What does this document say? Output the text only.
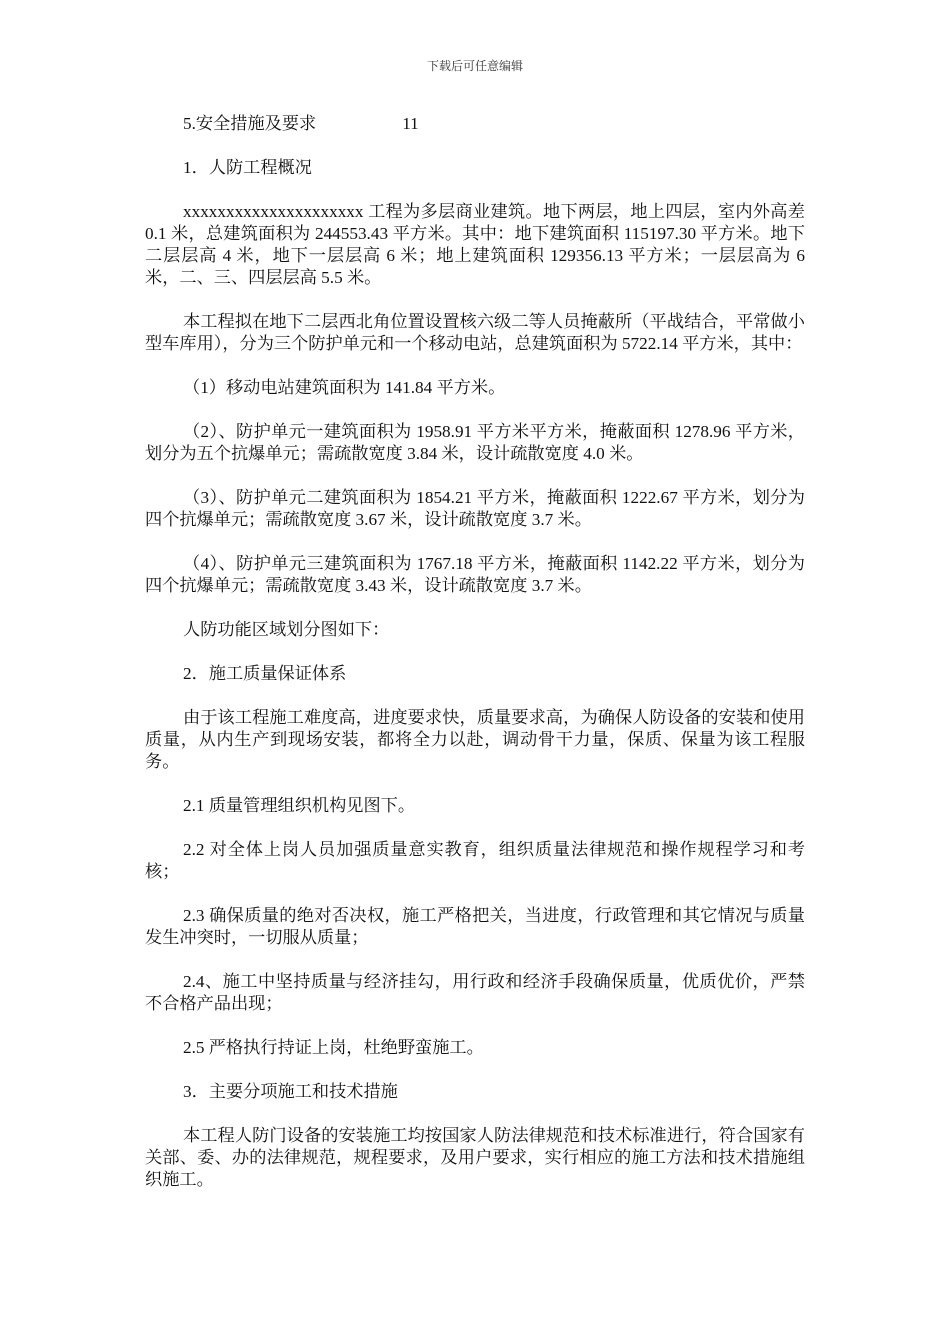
下载后可任意编辑

5.安全措施及要求	11

1．人防工程概况

xxxxxxxxxxxxxxxxxxxxx 工程为多层商业建筑。地下两层，地上四层，室内外高差 0.1 米，总建筑面积为 244553.43 平方米。其中：地下建筑面积 115197.30 平方米。地下二层层高 4 米，地下一层层高 6 米；地上建筑面积 129356.13 平方米；一层层高为 6 米，二、三、四层层高 5.5 米。

本工程拟在地下二层西北角位置设置核六级二等人员掩蔽所（平战结合，平常做小型车库用），分为三个防护单元和一个移动电站，总建筑面积为 5722.14 平方米，其中：

（1）移动电站建筑面积为 141.84 平方米。

（2）、防护单元一建筑面积为 1958.91 平方米平方米，掩蔽面积 1278.96 平方米，划分为五个抗爆单元；需疏散宽度 3.84 米，设计疏散宽度 4.0 米。

（3）、防护单元二建筑面积为 1854.21 平方米，掩蔽面积 1222.67 平方米，划分为四个抗爆单元；需疏散宽度 3.67 米，设计疏散宽度 3.7 米。

（4）、防护单元三建筑面积为 1767.18 平方米，掩蔽面积 1142.22 平方米，划分为四个抗爆单元；需疏散宽度 3.43 米，设计疏散宽度 3.7 米。

人防功能区域划分图如下：

2．施工质量保证体系

由于该工程施工难度高，进度要求快，质量要求高，为确保人防设备的安装和使用质量，从内生产到现场安装，都将全力以赴，调动骨干力量，保质、保量为该工程服务。

2.1 质量管理组织机构见图下。

2.2 对全体上岗人员加强质量意实教育，组织质量法律规范和操作规程学习和考核；

2.3 确保质量的绝对否决权，施工严格把关，当进度，行政管理和其它情况与质量发生冲突时，一切服从质量；

2.4、施工中坚持质量与经济挂勾，用行政和经济手段确保质量，优质优价，严禁不合格产品出现；

2.5 严格执行持证上岗，杜绝野蛮施工。

3．主要分项施工和技术措施

本工程人防门设备的安装施工均按国家人防法律规范和技术标准进行，符合国家有关部、委、办的法律规范，规程要求，及用户要求，实行相应的施工方法和技术措施组织施工。
